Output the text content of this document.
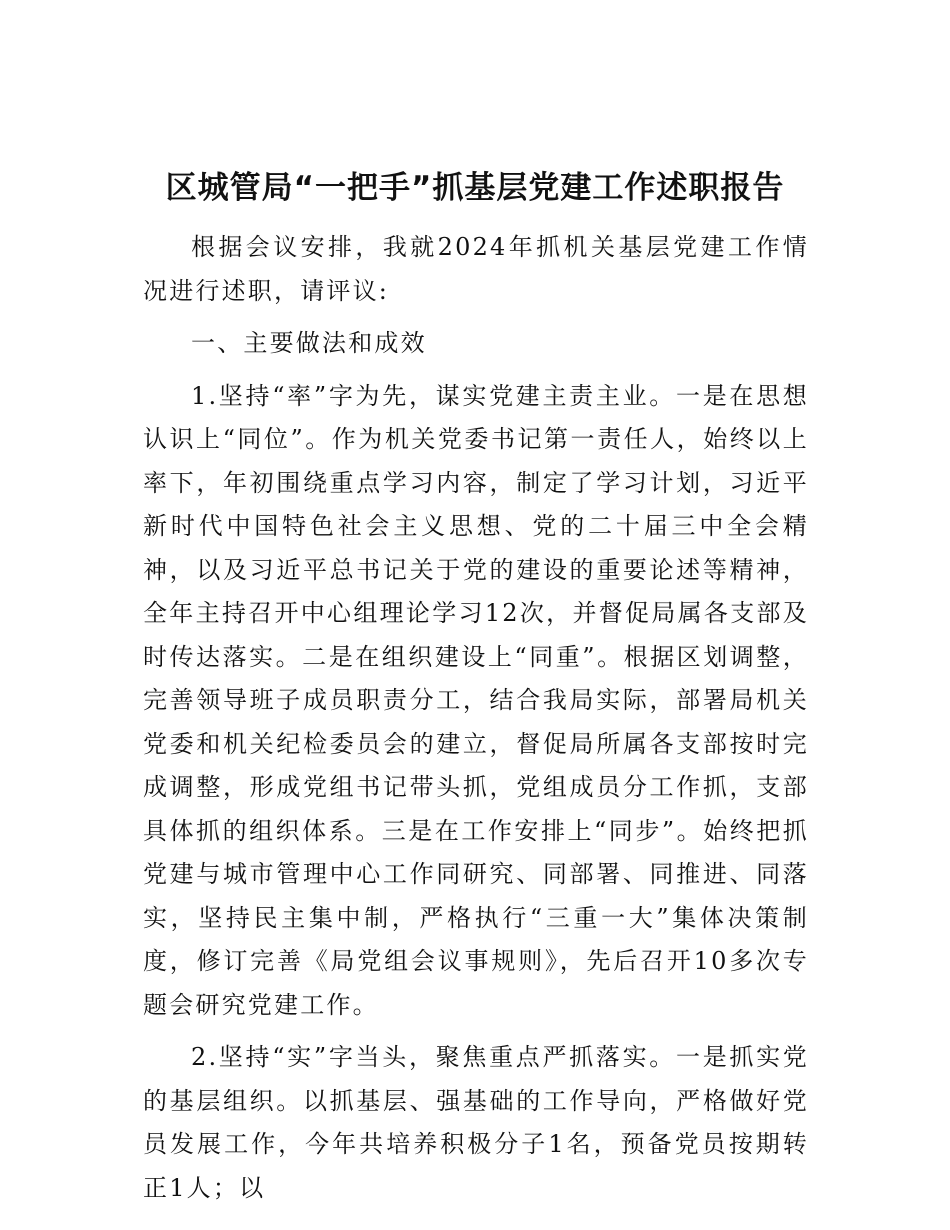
区城管局“一把手”抓基层党建工作述职报告

根据会议安排，我就2024年抓机关基层党建工作情况进行述职，请评议:

一、主要做法和成效

1.坚持“率”字为先，谋实党建主责主业。一是在思想认识上“同位”。作为机关党委书记第一责任人，始终以上率下，年初围绕重点学习内容，制定了学习计划，习近平新时代中国特色社会主义思想、党的二十届三中全会精神，以及习近平总书记关于党的建设的重要论述等精神，全年主持召开中心组理论学习12次，并督促局属各支部及时传达落实。二是在组织建设上“同重”。根据区划调整，完善领导班子成员职责分工，结合我局实际，部署局机关党委和机关纪检委员会的建立，督促局所属各支部按时完成调整，形成党组书记带头抓，党组成员分工作抓，支部具体抓的组织体系。三是在工作安排上“同步”。始终把抓党建与城市管理中心工作同研究、同部署、同推进、同落实，坚持民主集中制，严格执行“三重一大”集体决策制度，修订完善《局党组会议事规则》，先后召开10多次专题会研究党建工作。

2.坚持“实”字当头，聚焦重点严抓落实。一是抓实党的基层组织。以抓基层、强基础的工作导向，严格做好党员发展工作，今年共培养积极分子1名，预备党员按期转正1人；以
